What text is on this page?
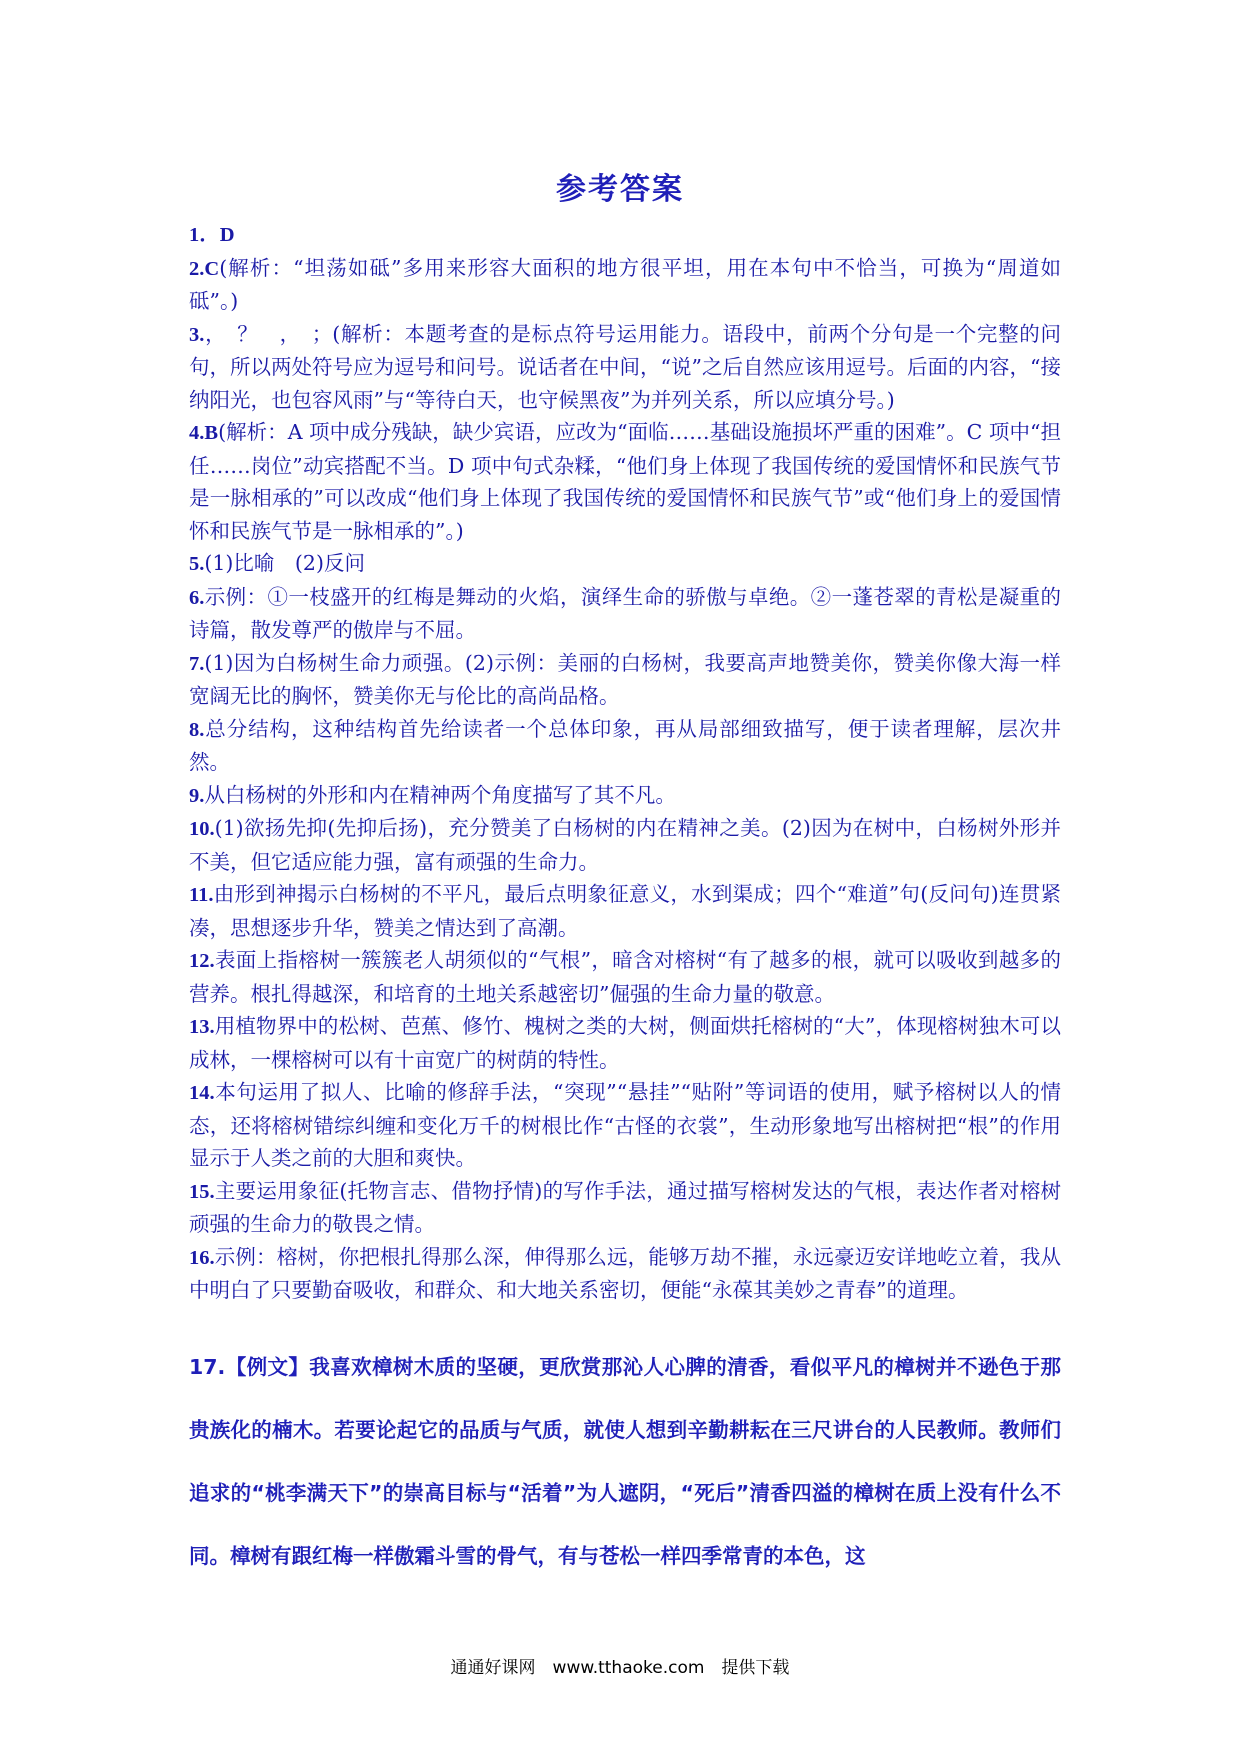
参考答案

1．D

2.C(解析：“坦荡如砥”多用来形容大面积的地方很平坦，用在本句中不恰当，可换为“周道如砥”。)

3.，　？　，　；(解析：本题考查的是标点符号运用能力。语段中，前两个分句是一个完整的问句，所以两处符号应为逗号和问号。说话者在中间，“说”之后自然应该用逗号。后面的内容，“接纳阳光，也包容风雨”与“等待白天，也守候黑夜”为并列关系，所以应填分号。)

4.B(解析：A 项中成分残缺，缺少宾语，应改为“面临……基础设施损坏严重的困难”。C 项中“担任……岗位”动宾搭配不当。D 项中句式杂糅，“他们身上体现了我国传统的爱国情怀和民族气节是一脉相承的”可以改成“他们身上体现了我国传统的爱国情怀和民族气节”或“他们身上的爱国情怀和民族气节是一脉相承的”。)

5.(1)比喻　(2)反问

6.示例：①一枝盛开的红梅是舞动的火焰，演绎生命的骄傲与卓绝。②一蓬苍翠的青松是凝重的诗篇，散发尊严的傲岸与不屈。

7.(1)因为白杨树生命力顽强。(2)示例：美丽的白杨树，我要高声地赞美你，赞美你像大海一样宽阔无比的胸怀，赞美你无与伦比的高尚品格。

8.总分结构，这种结构首先给读者一个总体印象，再从局部细致描写，便于读者理解，层次井然。

9.从白杨树的外形和内在精神两个角度描写了其不凡。

10.(1)欲扬先抑(先抑后扬)，充分赞美了白杨树的内在精神之美。(2)因为在树中，白杨树外形并不美，但它适应能力强，富有顽强的生命力。

11.由形到神揭示白杨树的不平凡，最后点明象征意义，水到渠成；四个“难道”句(反问句)连贯紧凑，思想逐步升华，赞美之情达到了高潮。

12.表面上指榕树一簇簇老人胡须似的“气根”，暗含对榕树“有了越多的根，就可以吸收到越多的营养。根扎得越深，和培育的土地关系越密切”倔强的生命力量的敬意。

13.用植物界中的松树、芭蕉、修竹、槐树之类的大树，侧面烘托榕树的“大”，体现榕树独木可以成林，一棵榕树可以有十亩宽广的树荫的特性。

14.本句运用了拟人、比喻的修辞手法，“突现”“悬挂”“贴附”等词语的使用，赋予榕树以人的情态，还将榕树错综纠缠和变化万千的树根比作“古怪的衣裳”，生动形象地写出榕树把“根”的作用显示于人类之前的大胆和爽快。

15.主要运用象征(托物言志、借物抒情)的写作手法，通过描写榕树发达的气根，表达作者对榕树顽强的生命力的敬畏之情。

16.示例：榕树，你把根扎得那么深，伸得那么远，能够万劫不摧，永远豪迈安详地屹立着，我从中明白了只要勤奋吸收，和群众、和大地关系密切，便能“永葆其美妙之青春”的道理。

17.【例文】我喜欢樟树木质的坚硬，更欣赏那沁人心脾的清香，看似平凡的樟树并不逊色于那贵族化的楠木。若要论起它的品质与气质，就使人想到辛勤耕耘在三尺讲台的人民教师。教师们追求的“桃李满天下”的崇高目标与“活着”为人遮阴，“死后”清香四溢的樟树在质上没有什么不同。樟树有跟红梅一样傲霜斗雪的骨气，有与苍松一样四季常青的本色，这

通通好课网　www.tthaoke.com　提供下载
